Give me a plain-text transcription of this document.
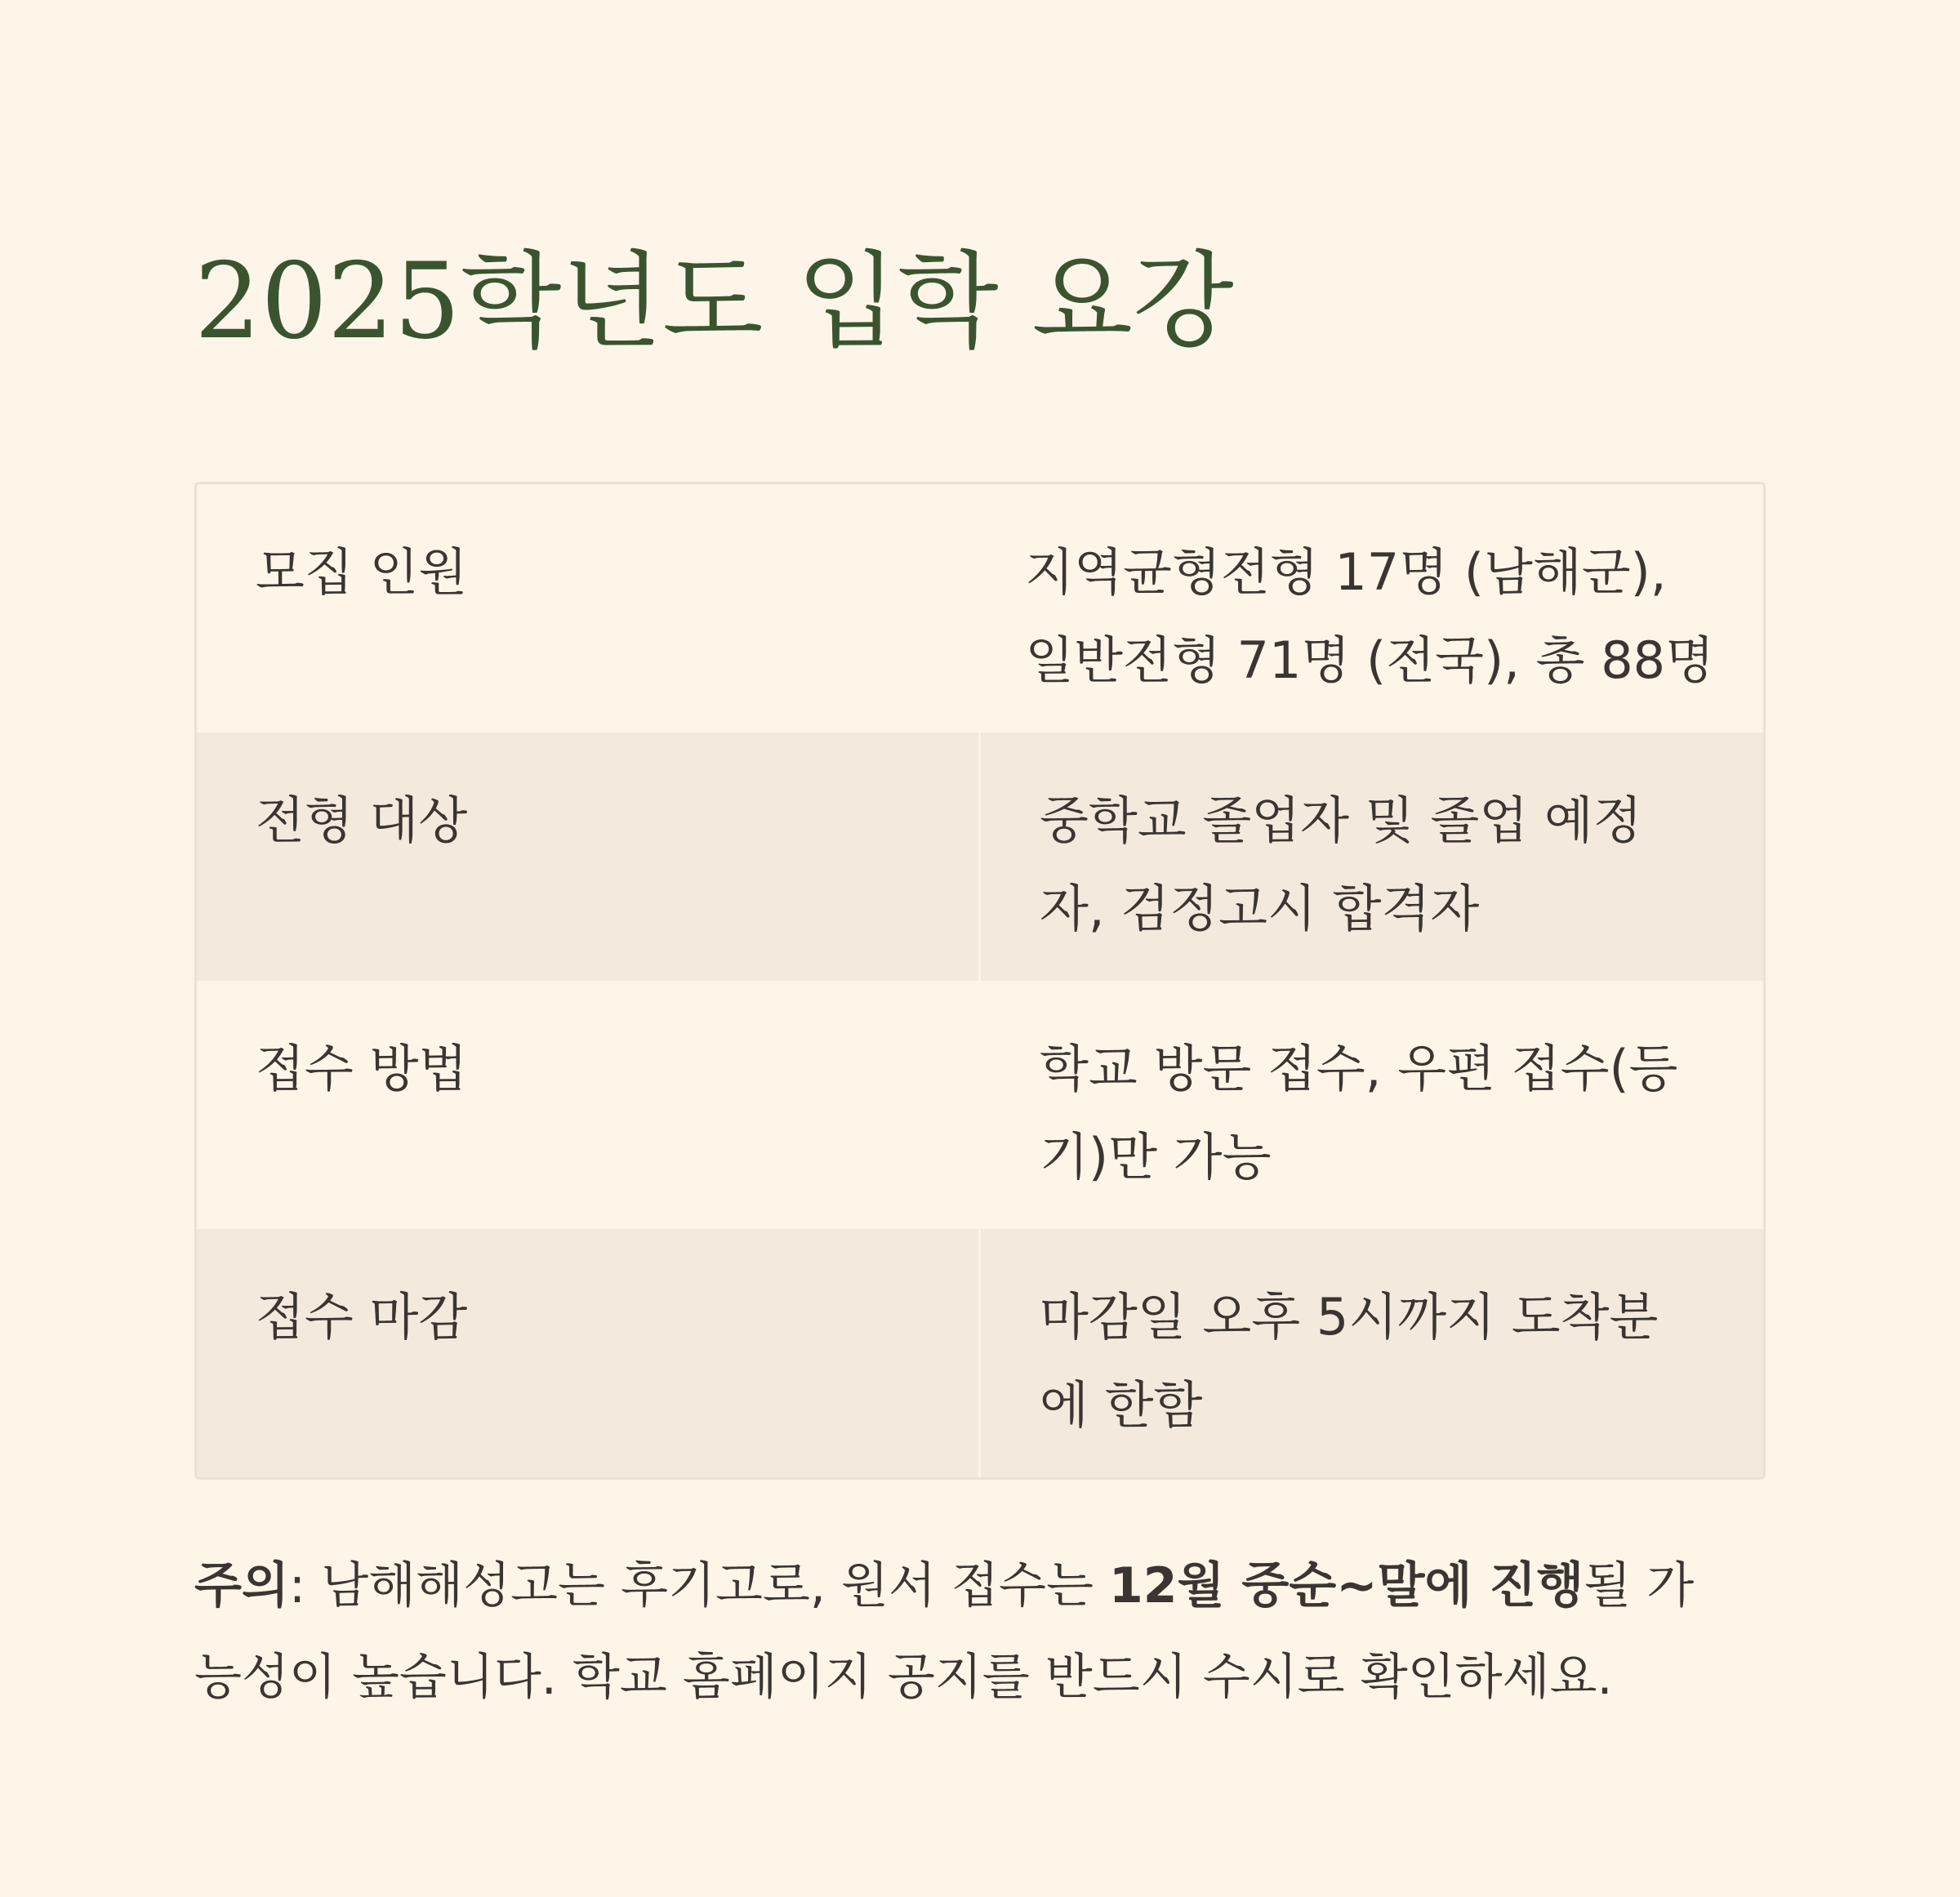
2025학년도 입학 요강
모집 인원	지역균형전형 17명 (남해군),
일반전형 71명 (전국), 총 88명
전형 대상	중학교 졸업자 및 졸업 예정
자, 검정고시 합격자
접수 방법	학교 방문 접수, 우편 접수(등
기)만 가능
접수 마감	마감일 오후 5시까지 도착분
에 한함
주의: 남해해성고는 후기고로, 원서 접수는 12월 중순~말에 진행될 가
능성이 높습니다. 학교 홈페이지 공지를 반드시 수시로 확인하세요.
